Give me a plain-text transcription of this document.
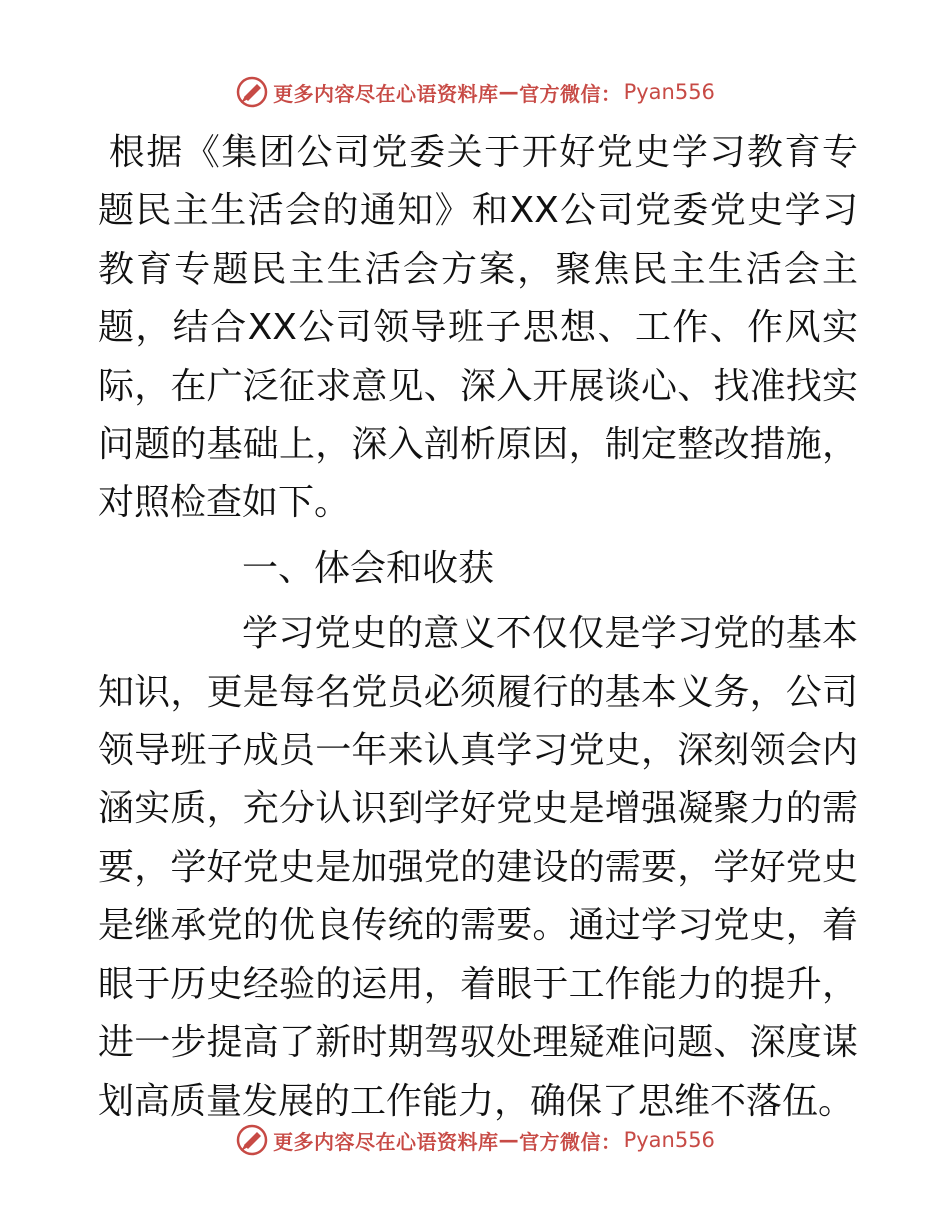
更多内容尽在心语资料库 — 官方微信： Pyan556

根据《集团公司党委关于开好党史学习教育专题民主生活会的通知》和XX公司党委党史学习教育专题民主生活会方案，聚焦民主生活会主题，结合XX公司领导班子思想、工作、作风实际，在广泛征求意见、深入开展谈心、找准找实问题的基础上，深入剖析原因，制定整改措施，对照检查如下。

一、体会和收获

学习党史的意义不仅仅是学习党的基本知识，更是每名党员必须履行的基本义务，公司领导班子成员一年来认真学习党史，深刻领会内涵实质，充分认识到学好党史是增强凝聚力的需要，学好党史是加强党的建设的需要，学好党史是继承党的优良传统的需要。通过学习党史，着眼于历史经验的运用，着眼于工作能力的提升，进一步提高了新时期驾驭处理疑难问题、深度谋划高质量发展的工作能力，确保了思维不落伍。

更多内容尽在心语资料库 — 官方微信： Pyan556
